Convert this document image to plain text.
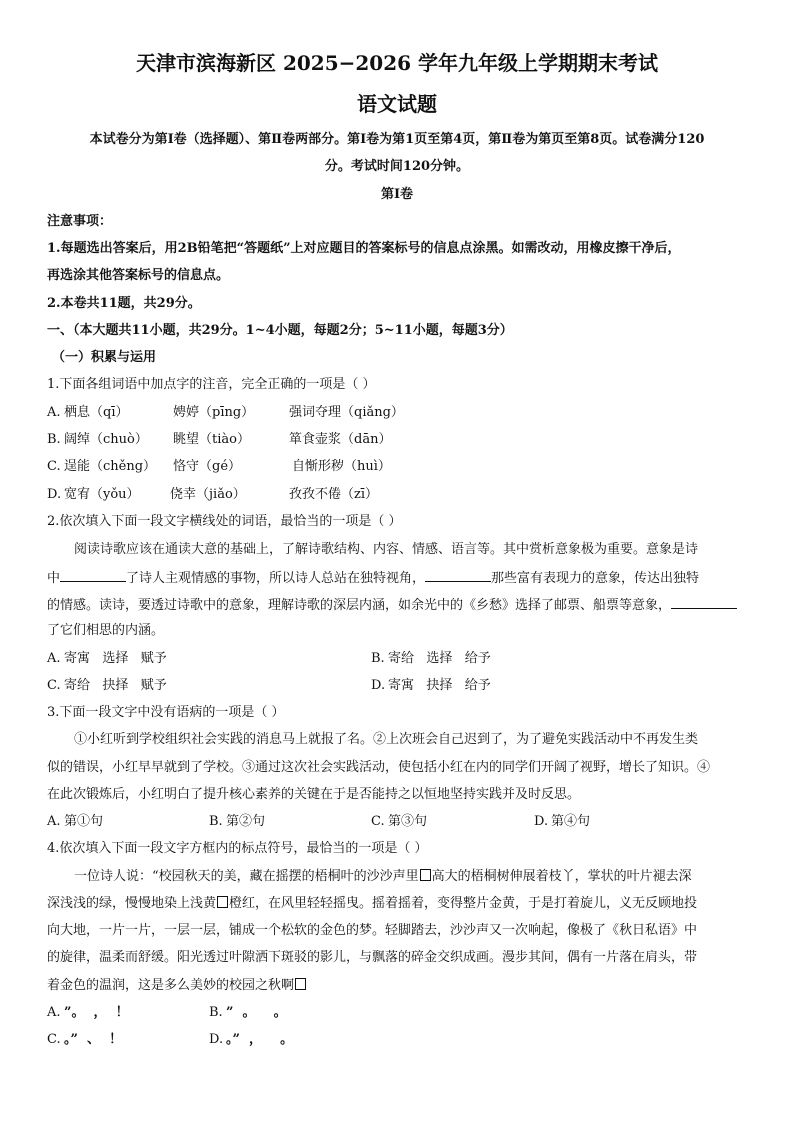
天津市滨海新区 2025−2026 学年九年级上学期期末考试
语文试题
本试卷分为第Ⅰ卷（选择题）、第Ⅱ卷两部分。第Ⅰ卷为第1页至第4页，第Ⅱ卷为第页至第8页。试卷满分120
分。考试时间120分钟。
第Ⅰ卷
注意事项：
1.每题选出答案后，用2B铅笔把“答题纸”上对应题目的答案标号的信息点涂黑。如需改动，用橡皮擦干净后，
再选涂其他答案标号的信息点。
2.本卷共11题，共29分。
一、（本大题共11小题，共29分。1~4小题，每题2分；5~11小题，每题3分）
（一）积累与运用
1.下面各组词语中加点字的注音，完全正确的一项是（ ）
A. 栖息（qī）	娉婷（pīng）	强词夺理（qiǎng）
B. 阔绰（chuò） 眺望（tiào）	箪食壶浆（dān）
C. 逞能（chěng） 恪守（gé）	自惭形秽（huì）
D. 宽宥（yǒu） 侥幸（jiǎo）	孜孜不倦（zī）
2.依次填入下面一段文字横线处的词语，最恰当的一项是（ ）
阅读诗歌应该在通读大意的基础上，了解诗歌结构、内容、情感、语言等。其中赏析意象极为重要。意象是诗
中	了诗人主观情感的事物，所以诗人总站在独特视角，	那些富有表现力的意象，传达出独特
的情感。读诗，要透过诗歌中的意象，理解诗歌的深层内涵，如余光中的《乡愁》选择了邮票、船票等意象，
了它们相思的内涵。
A. 寄寓   选择   赋予	B. 寄给   选择   给予
C. 寄给   抉择   赋予	D. 寄寓   抉择   给予
3.下面一段文字中没有语病的一项是（ ）
①小红听到学校组织社会实践的消息马上就报了名。②上次班会自己迟到了，为了避免实践活动中不再发生类
似的错误，小红早早就到了学校。③通过这次社会实践活动，使包括小红在内的同学们开阔了视野，增长了知识。④
在此次锻炼后，小红明白了提升核心素养的关键在于是否能持之以恒地坚持实践并及时反思。
A. 第①句	B. 第②句	C. 第③句	D. 第④句
4.依次填入下面一段文字方框内的标点符号，最恰当的一项是（ ）
一位诗人说：“校园秋天的美，藏在摇摆的梧桐叶的沙沙声里 高大的梧桐树伸展着枝丫，掌状的叶片褪去深
深浅浅的绿，慢慢地染上浅黄 橙红，在风里轻轻摇曳。摇着摇着，变得整片金黄，于是打着旋儿，义无反顾地投
向大地，一片一片，一层一层，铺成一个松软的金色的梦。轻脚踏去，沙沙声又一次响起，像极了《秋日私语》中
的旋律，温柔而舒缓。阳光透过叶隙洒下斑驳的影儿，与飘落的碎金交织成画。漫步其间，偶有一片落在肩头，带
着金色的温润，这是多么美妙的校园之秋啊
A. ”。  ，  ！	B. ”  。    。
C. 。”  、  ！	D. 。”  ，    。
